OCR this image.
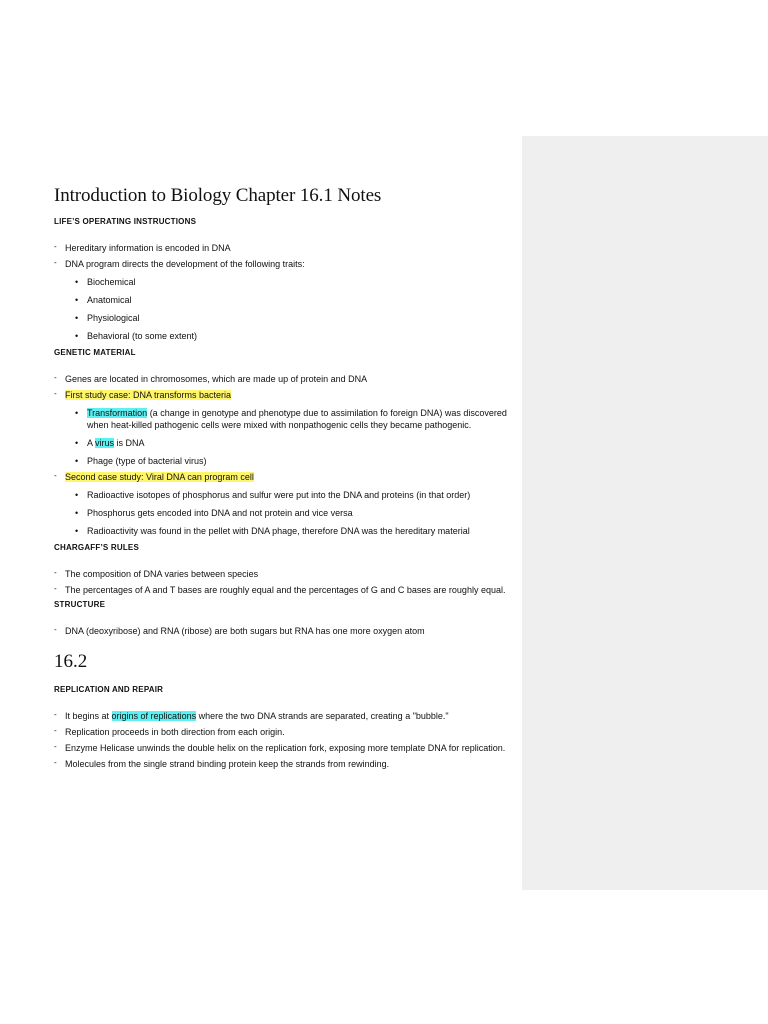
Introduction to Biology Chapter 16.1 Notes
LIFE’S OPERATING INSTRUCTIONS
- Hereditary information is encoded in DNA
- DNA program directs the development of the following traits:
• Biochemical
• Anatomical
• Physiological
• Behavioral (to some extent)
GENETIC MATERIAL
- Genes are located in chromosomes, which are made up of protein and DNA
- First study case: DNA transforms bacteria
• Transformation (a change in genotype and phenotype due to assimilation fo foreign DNA) was discovered when heat-killed pathogenic cells were mixed with nonpathogenic cells they became pathogenic.
• A virus is DNA
• Phage (type of bacterial virus)
- Second case study: Viral DNA can program cell
• Radioactive isotopes of phosphorus and sulfur were put into the DNA and proteins (in that order)
• Phosphorus gets encoded into DNA and not protein and vice versa
• Radioactivity was found in the pellet with DNA phage, therefore DNA was the hereditary material
CHARGAFF’S RULES
- The composition of DNA varies between species
- The percentages of A and T bases are roughly equal and the percentages of G and C bases are roughly equal.
STRUCTURE
- DNA (deoxyribose) and RNA (ribose) are both sugars but RNA has one more oxygen atom
16.2
REPLICATION AND REPAIR
- It begins at origins of replications where the two DNA strands are separated, creating a "bubble."
- Replication proceeds in both direction from each origin.
- Enzyme Helicase unwinds the double helix on the replication fork, exposing more template DNA for replication.
- Molecules from the single strand binding protein keep the strands from rewinding.
